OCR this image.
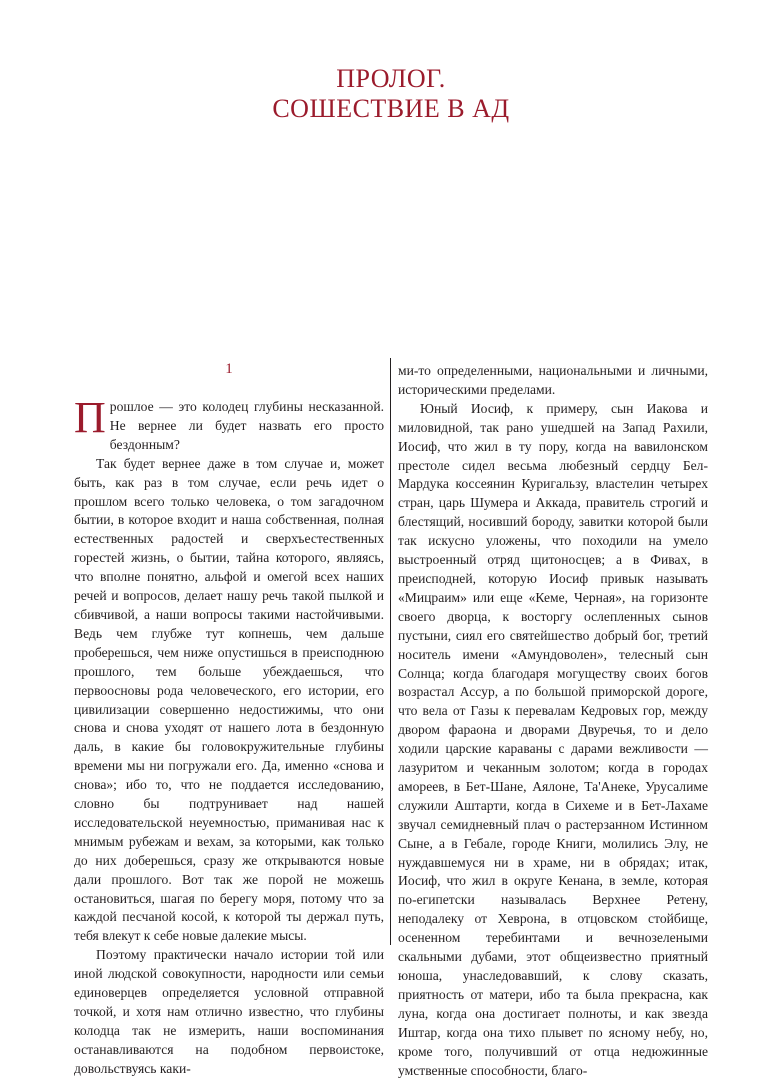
ПРОЛОГ.
СОШЕСТВИЕ В АД
1

Прошлое — это колодец глубины несказанной. Не вернее ли будет назвать его просто бездонным?

Так будет вернее даже в том случае и, может быть, как раз в том случае, если речь идет о прошлом всего только человека, о том загадочном бытии, в которое входит и наша собственная, полная естественных радостей и сверхъестественных горестей жизнь, о бытии, тайна которого, являясь, что вполне понятно, альфой и омегой всех наших речей и вопросов, делает нашу речь такой пылкой и сбивчивой, а наши вопросы такими настойчивыми. Ведь чем глубже тут копнешь, чем дальше проберешься, чем ниже опустишься в преисподнюю прошлого, тем больше убеждаешься, что первоосновы рода человеческого, его истории, его цивилизации совершенно недостижимы, что они снова и снова уходят от нашего лота в бездонную даль, в какие бы головокружительные глубины времени мы ни погружали его. Да, именно «снова и снова»; ибо то, что не поддается исследованию, словно бы подтрунивает над нашей исследовательской неуемностью, приманивая нас к мнимым рубежам и вехам, за которыми, как только до них доберешься, сразу же открываются новые дали прошлого. Вот так же порой не можешь остановиться, шагая по берегу моря, потому что за каждой песчаной косой, к которой ты держал путь, тебя влекут к себе новые далекие мысы.

Поэтому практически начало истории той или иной людской совокупности, народности или семьи единоверцев определяется условной отправной точкой, и хотя нам отлично известно, что глубины колодца так не измерить, наши воспоминания останавливаются на подобном первоистоке, довольствуясь каки-

ми-то определенными, национальными и личными, историческими пределами.

Юный Иосиф, к примеру, сын Иакова и миловидной, так рано ушедшей на Запад Рахили, Иосиф, что жил в ту пору, когда на вавилонском престоле сидел весьма любезный сердцу Бел-Мардука коссеянин Куригальзу, властелин четырех стран, царь Шумера и Аккада, правитель строгий и блестящий, носивший бороду, завитки которой были так искусно уложены, что походили на умело выстроенный отряд щитоносцев; а в Фивах, в преисподней, которую Иосиф привык называть «Мицраим» или еще «Кеме, Черная», на горизонте своего дворца, к восторгу ослепленных сынов пустыни, сиял его святейшество добрый бог, третий носитель имени «Амундоволен», телесный сын Солнца; когда благодаря могуществу своих богов возрастал Ассур, а по большой приморской дороге, что вела от Газы к перевалам Кедровых гор, между двором фараона и дворами Двуречья, то и дело ходили царские караваны с дарами вежливости — лазуритом и чеканным золотом; когда в городах амореев, в Бет-Шане, Аялоне, Та'Анеке, Урусалиме служили Аштарти, когда в Сихеме и в Бет-Лахаме звучал семидневный плач о растерзанном Истинном Сыне, а в Гебале, городе Книги, молились Элу, не нуждавшемуся ни в храме, ни в обрядах; итак, Иосиф, что жил в округе Кенана, в земле, которая по-египетски называлась Верхнее Ретену, неподалеку от Хеврона, в отцовском стойбище, осененном теребинтами и вечнозелеными скальными дубами, этот общеизвестно приятный юноша, унаследовавший, к слову сказать, приятность от матери, ибо та была прекрасна, как луна, когда она достигает полноты, и как звезда Иштар, когда она тихо плывет по ясному небу, но, кроме того, получивший от отца недюжинные умственные способности, благо-
